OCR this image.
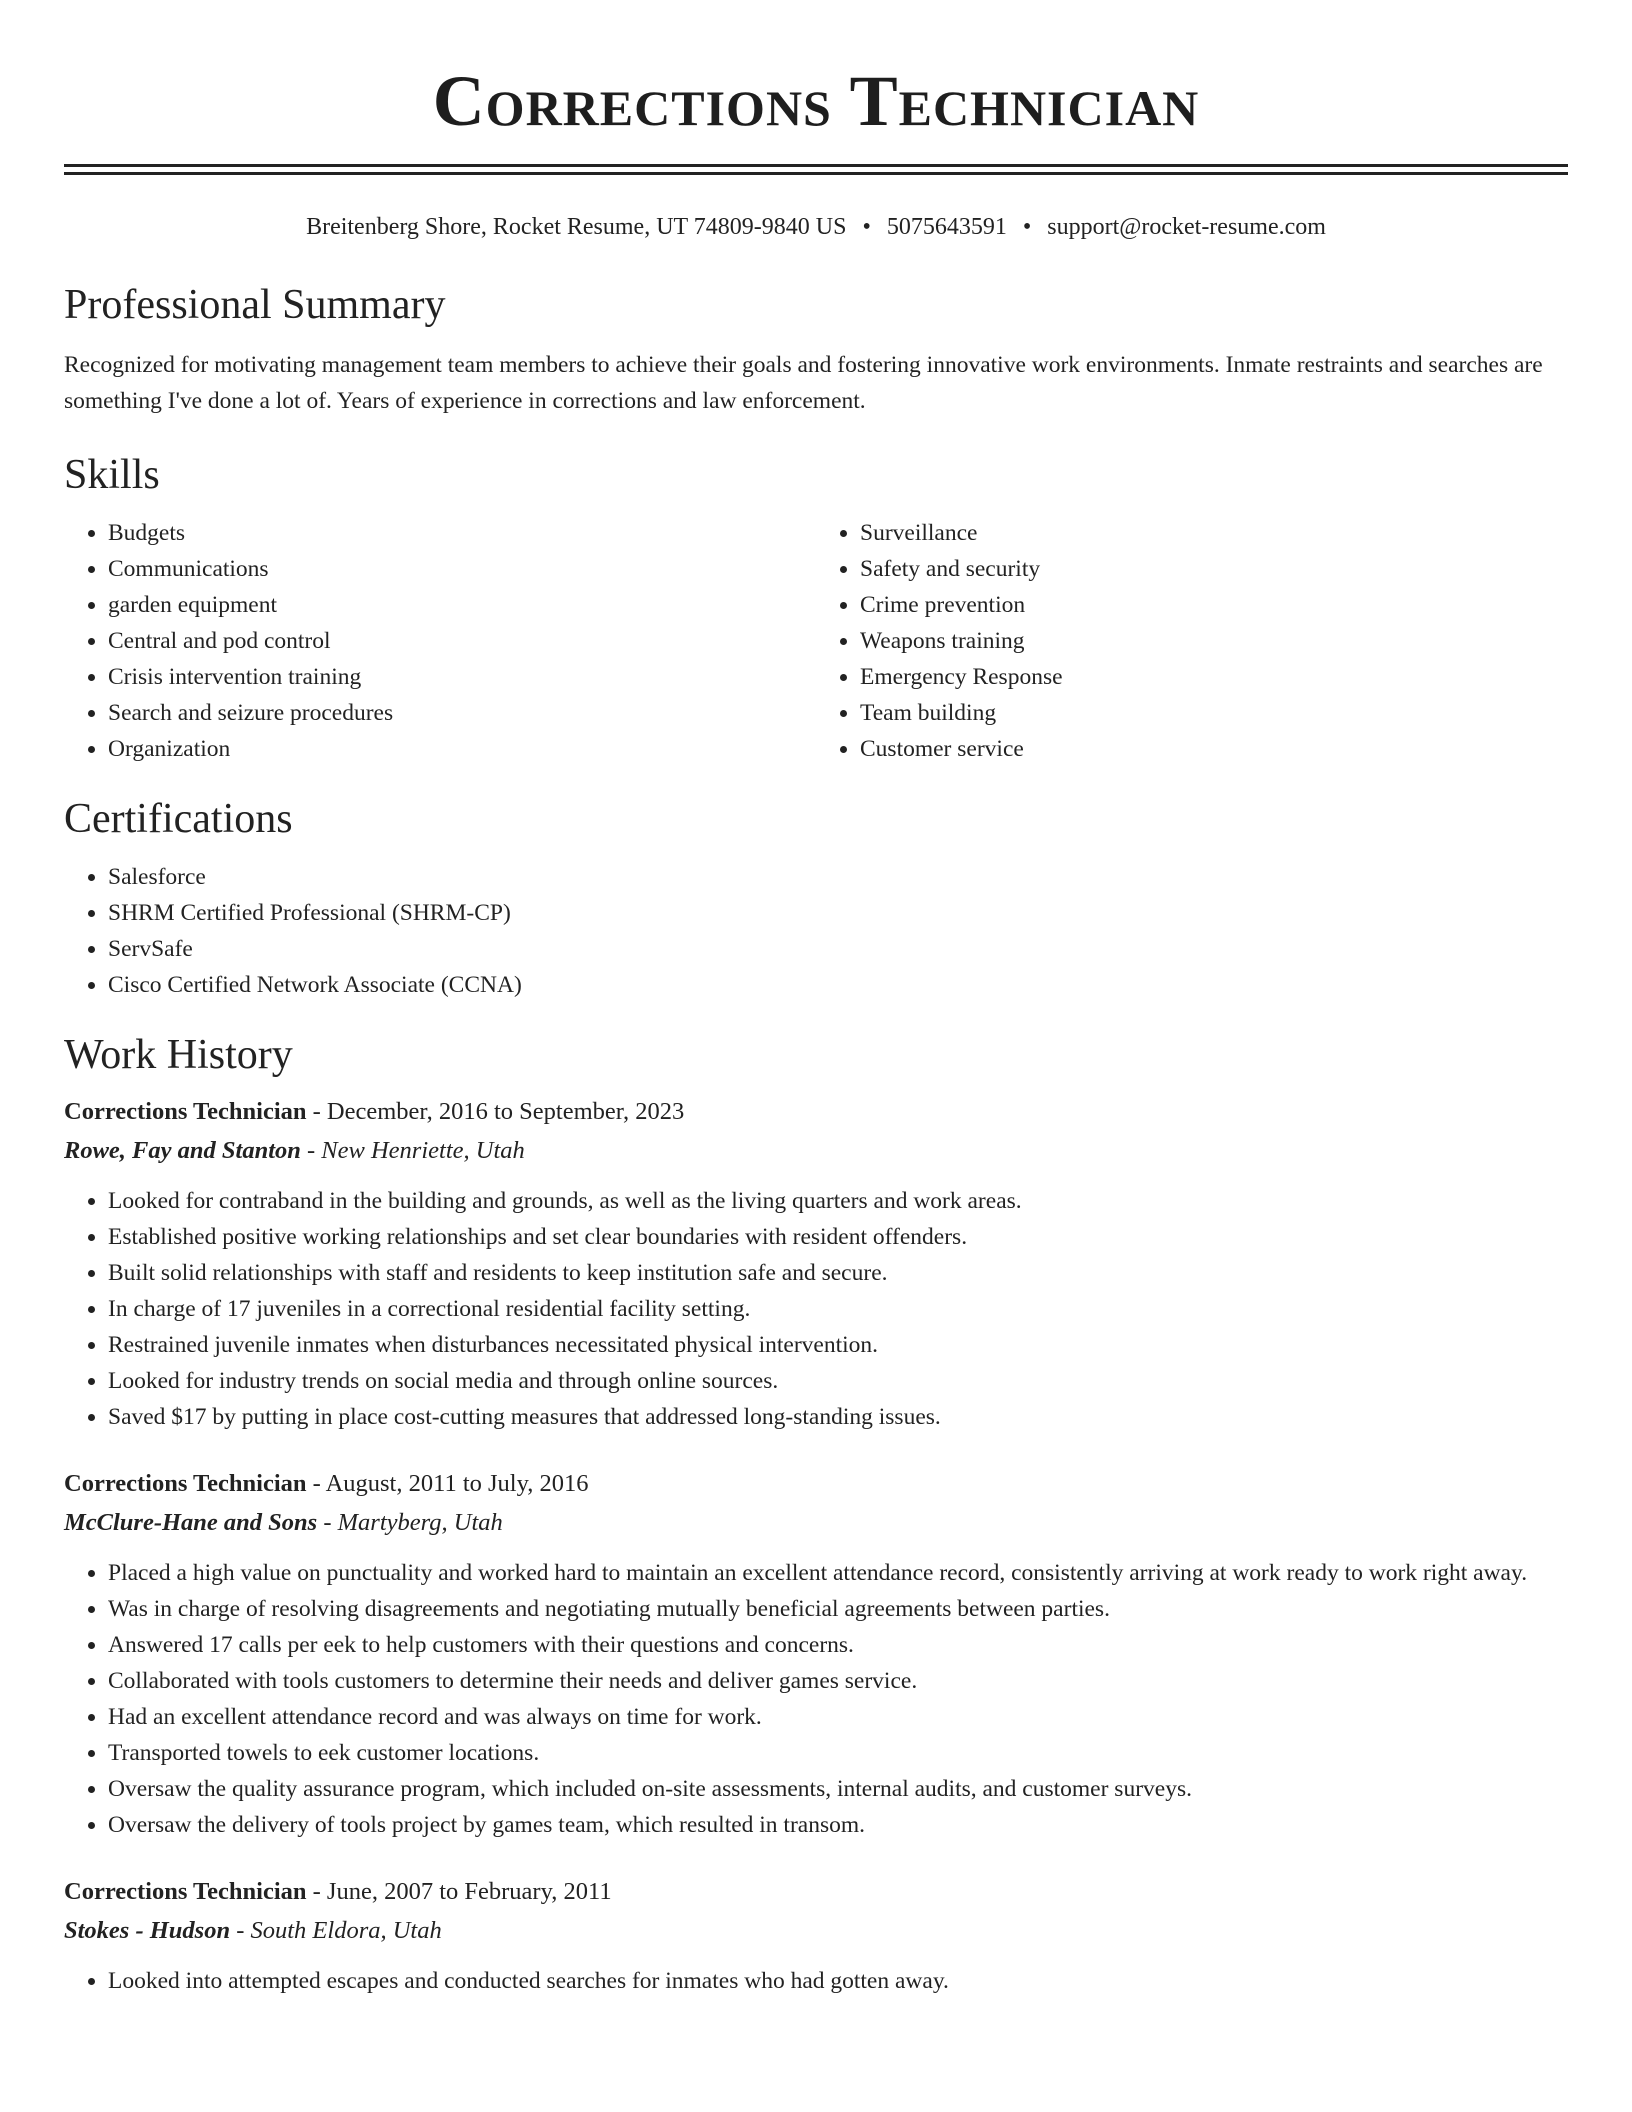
Corrections Technician
Breitenberg Shore, Rocket Resume, UT 74809-9840 US • 5075643591 • support@rocket-resume.com
Professional Summary

Recognized for motivating management team members to achieve their goals and fostering innovative work environments. Inmate restraints and searches are something I've done a lot of. Years of experience in corrections and law enforcement.

Skills
• Budgets
• Communications
• garden equipment
• Central and pod control
• Crisis intervention training
• Search and seizure procedures
• Organization
• Surveillance
• Safety and security
• Crime prevention
• Weapons training
• Emergency Response
• Team building
• Customer service
Certifications
• Salesforce
• SHRM Certified Professional (SHRM-CP)
• ServSafe
• Cisco Certified Network Associate (CCNA)
Work History
Corrections Technician - December, 2016 to September, 2023
Rowe, Fay and Stanton - New Henriette, Utah
• Looked for contraband in the building and grounds, as well as the living quarters and work areas.
• Established positive working relationships and set clear boundaries with resident offenders.
• Built solid relationships with staff and residents to keep institution safe and secure.
• In charge of 17 juveniles in a correctional residential facility setting.
• Restrained juvenile inmates when disturbances necessitated physical intervention.
• Looked for industry trends on social media and through online sources.
• Saved $17 by putting in place cost-cutting measures that addressed long-standing issues.
Corrections Technician - August, 2011 to July, 2016
McClure-Hane and Sons - Martyberg, Utah
• Placed a high value on punctuality and worked hard to maintain an excellent attendance record, consistently arriving at work ready to work right away.
• Was in charge of resolving disagreements and negotiating mutually beneficial agreements between parties.
• Answered 17 calls per eek to help customers with their questions and concerns.
• Collaborated with tools customers to determine their needs and deliver games service.
• Had an excellent attendance record and was always on time for work.
• Transported towels to eek customer locations.
• Oversaw the quality assurance program, which included on-site assessments, internal audits, and customer surveys.
• Oversaw the delivery of tools project by games team, which resulted in transom.
Corrections Technician - June, 2007 to February, 2011
Stokes - Hudson - South Eldora, Utah
• Looked into attempted escapes and conducted searches for inmates who had gotten away.
